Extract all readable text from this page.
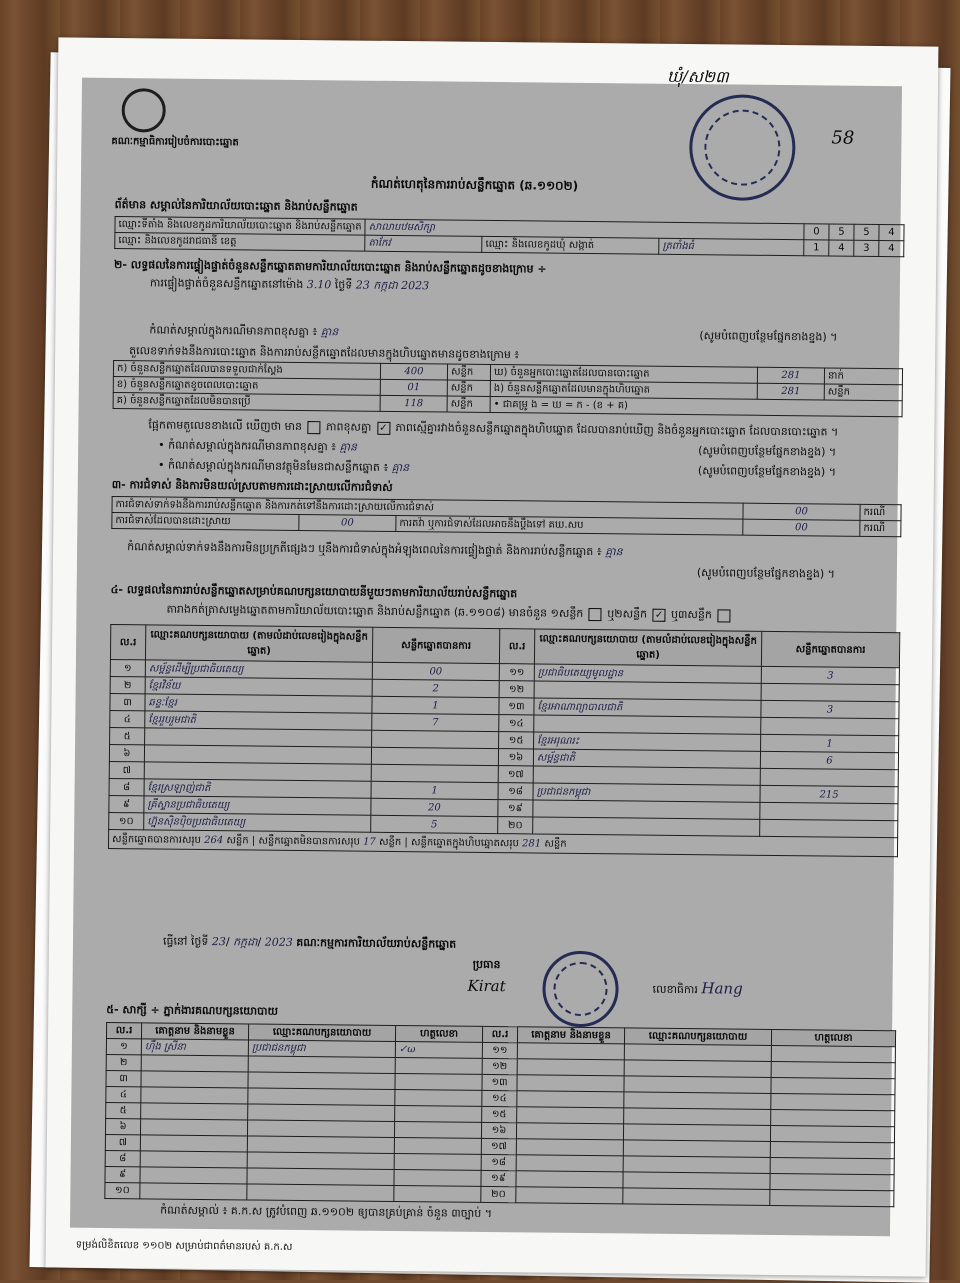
គណៈកម្មាធិការរៀបចំការបោះឆ្នោត
ឃុំ/ស២៣
58
កំណត់ហេតុនៃការរាប់សន្លឹកឆ្នោត (ឆ.១១០២)
ព័ត៌មាន សម្គាល់នៃការិយាល័យបោះឆ្នោត និងរាប់សន្លឹកឆ្នោត
ឈ្មោះទីតាំង និងលេខកូដការិយាល័យបោះឆ្នោត និងរាប់សន្លឹកឆ្នោត	សាលាបឋមសិក្សា			0	5	5	4
ឈ្មោះ និងលេខកូដរាជធានី ខេត្ត	តាកែវ	ឈ្មោះ និងលេខកូដឃុំ សង្កាត់	ត្រពាំងធំ	1	4	3	4
២- លទ្ធផលនៃការផ្ទៀងផ្ទាត់ចំនួនសន្លឹកឆ្នោតតាមការិយាល័យបោះឆ្នោត និងរាប់សន្លឹកឆ្នោតដូចខាងក្រោម ÷
ការផ្ទៀងផ្ទាត់ចំនួនសន្លឹកឆ្នោតនៅម៉ោង 3.10 ថ្ងៃទី 23 កក្កដា 2023
កំណត់សម្គាល់ក្នុងករណីមានភាពខុសគ្នា ៖ គ្មាន	(សូមបំពេញបន្ថែមផ្នែកខាងខ្នង) ។
តួលេខទាក់ទងនឹងការបោះឆ្នោត និងការរាប់សន្លឹកឆ្នោតដែលមានក្នុងហិបឆ្នោតមានដូចខាងក្រោម ៖
ក) ចំនួនសន្លឹកឆ្នោតដែលបានទទួលជាក់ស្តែង	400	សន្លឹក	ឃ) ចំនួនអ្នកបោះឆ្នោតដែលបានបោះឆ្នោត	281	នាក់
ខ) ចំនួនសន្លឹកឆ្នោតខូចពេលបោះឆ្នោត	01	សន្លឹក	ង) ចំនួនសន្លឹកឆ្នោតដែលមានក្នុងហិបឆ្នោត	281	សន្លឹក
គ) ចំនួនសន្លឹកឆ្នោតដែលមិនបានប្រើ	118	សន្លឹក	• ជាគម្រូ ង = ឃ = ក - (ខ + គ)		
ផ្អែកតាមតួលេខខាងលើ ឃើញថា មាន ភាពខុសគ្នា ✓ ភាពស្មើគ្នារវាងចំនួនសន្លឹកឆ្នោតក្នុងហិបឆ្នោត ដែលបានរាប់ឃើញ និងចំនួនអ្នកបោះឆ្នោត ដែលបានបោះឆ្នោត ។
• កំណត់សម្គាល់ក្នុងករណីមានភាពខុសគ្នា ៖ គ្មាន	(សូមបំពេញបន្ថែមផ្នែកខាងខ្នង) ។
• កំណត់សម្គាល់ក្នុងករណីមានវត្ថុមិនមែនជាសន្លឹកឆ្នោត ៖ គ្មាន	(សូមបំពេញបន្ថែមផ្នែកខាងខ្នង) ។
៣- ការជំទាស់ និងការមិនយល់ស្របតាមការដោះស្រាយលើការជំទាស់
ការជំទាស់ទាក់ទងនឹងការរាប់សន្លឹកឆ្នោត និងការកត់ទៅនឹងការដោះស្រាយលើការជំទាស់			00	ករណី
ការជំទាស់ដែលបានដោះស្រាយ	00	ការតវ៉ា ឬការជំទាស់ដែលអាចនឹងប្តឹងទៅ គឃ.សប	00	ករណី
កំណត់សម្គាល់ទាក់ទងនឹងការមិនប្រក្រតីផ្សេងៗ ឬនឹងការជំទាស់ក្នុងអំឡុងពេលនៃការផ្ទៀងផ្ទាត់ និងការរាប់សន្លឹកឆ្នោត ៖ គ្មាន
(សូមបំពេញបន្ថែមផ្នែកខាងខ្នង) ។
៤- លទ្ធផលនៃការរាប់សន្លឹកឆ្នោតសម្រាប់គណបក្សនយោបាយនីមួយៗតាមការិយាល័យរាប់សន្លឹកឆ្នោត
តារាងកត់ត្រាសម្លេងឆ្នោតតាមការិយាល័យបោះឆ្នោត និងរាប់សន្លឹកឆ្នោត (ឆ.១១០៨) មានចំនួន ១សន្លឹក ឬ២សន្លឹក ✓ ឬ៣សន្លឹក
ល.រ	ឈ្មោះគណបក្សនយោបាយ (តាមលំដាប់លេខរៀងក្នុងសន្លឹកឆ្នោត)	សន្លឹកឆ្នោតបានការ	ល.រ	ឈ្មោះគណបក្សនយោបាយ (តាមលំដាប់លេខរៀងក្នុងសន្លឹកឆ្នោត)	សន្លឹកឆ្នោតបានការ
១	សម្ព័ន្ធដើម្បីប្រជាធិបតេយ្យ	00	១១	ប្រជាធិបតេយ្យមូលដ្ឋាន	3
២	ខ្មែរវិន័យ	2	១២		
៣	ឆន្ទៈខ្មែរ	1	១៣	ខ្មែរអាណាព្យាបាលជាតិ	3
៤	ខ្មែររួបរួមជាតិ	7	១៤		
៥			១៥	ខ្មែរអរុណរះ	1
៦			១៦	សម្ព័ន្ធជាតិ	6
៧			១៧		
៨	ខ្មែរស្រឡាញ់ជាតិ	1	១៨	ប្រជាជនកម្ពុជា	215
៩	គ្រីស្ទានប្រជាធិបតេយ្យ	20	១៩		
១០	ហ្វ៊ុនស៊ិនប៉ិចប្រជាធិបតេយ្យ	5	២០		
សន្លឹកឆ្នោតបានការសរុប 264 សន្លឹក | សន្លឹកឆ្នោតមិនបានការសរុប 17 សន្លឹក | សន្លឹកឆ្នោតក្នុងហិបឆ្នោតសរុប 281 សន្លឹក					
ធ្វើនៅ ថ្ងៃទី 23/ កក្កដា/ 2023 គណៈកម្មការការិយាល័យរាប់សន្លឹកឆ្នោត
ប្រធាន
Kirat	លេខាធិការ Hang
៥- សាក្សី ÷ ភ្នាក់ងារគណបក្សនយោបាយ
ល.រ	គោត្តនាម និងនាមខ្លួន	ឈ្មោះគណបក្សនយោបាយ	ហត្ថលេខា	ល.រ	គោត្តនាម និងនាមខ្លួន	ឈ្មោះគណបក្សនយោបាយ	ហត្ថលេខា
១	ហ៊ឹង ស្រីនា	ប្រជាជនកម្ពុជា	✓ω	១១			
២				១២			
៣				១៣			
៤				១៤			
៥				១៥			
៦				១៦			
៧				១៧			
៨				១៨			
៩				១៩			
១០				២០			
កំណត់សម្គាល់ ៖ គ.ក.ស ត្រូវបំពេញ ឆ.១១០២ ឲ្យបានគ្រប់គ្រាន់ ចំនួន ៣ច្បាប់ ។
ទម្រង់លិខិតលេខ ១១០២ សម្រាប់ជាពត៌មានរបស់ គ.ក.ស
